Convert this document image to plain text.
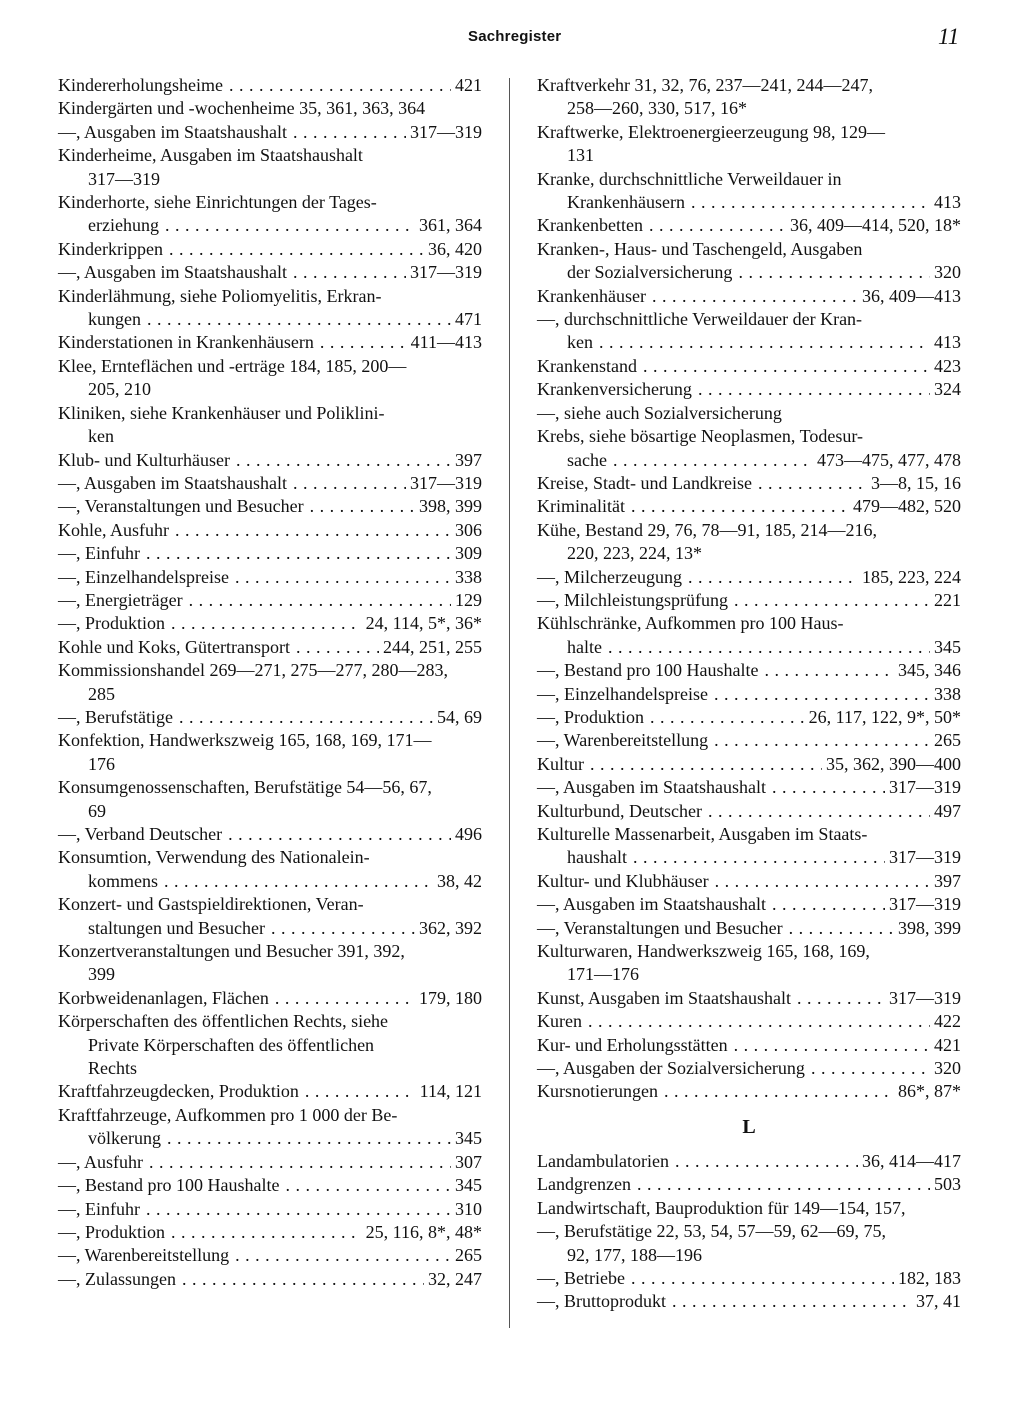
Sachregister	11
Kindererholungsheime . . .	421
Kindergärten und -wochenheime 35, 361, 363, 364
—, Ausgaben im Staatshaushalt . . .	317—319
Kinderheime, Ausgaben im Staatshaushalt
317—319
Kinderhorte, siehe Einrichtungen der Tages-
erziehung . . .	361, 364
Kinderkrippen . . .	36, 420
—, Ausgaben im Staatshaushalt . . .	317—319
Kinderlähmung, siehe Poliomyelitis, Erkran-
kungen . . .	471
Kinderstationen in Krankenhäusern . . .	411—413
Klee, Ernteflächen und -erträge 184, 185, 200—
205, 210
Kliniken, siehe Krankenhäuser und Poliklini-
ken
Klub- und Kulturhäuser . . .	397
—, Ausgaben im Staatshaushalt . . .	317—319
—, Veranstaltungen und Besucher . . .	398, 399
Kohle, Ausfuhr . . .	306
—, Einfuhr . . .	309
—, Einzelhandelspreise . . .	338
—, Energieträger . . .	129
—, Produktion . . .	24, 114, 5*, 36*
Kohle und Koks, Gütertransport . . .	244, 251, 255
Kommissionshandel 269—271, 275—277, 280—283,
285
—, Berufstätige . . .	54, 69
Konfektion, Handwerkszweig 165, 168, 169, 171—
176
Konsumgenossenschaften, Berufstätige 54—56, 67,
69
—, Verband Deutscher . . .	496
Konsumtion, Verwendung des Nationalein-
kommens . . .	38, 42
Konzert- und Gastspieldirektionen, Veran-
staltungen und Besucher . . .	362, 392
Konzertveranstaltungen und Besucher 391, 392,
399
Korbweidenanlagen, Flächen . . .	179, 180
Körperschaften des öffentlichen Rechts, siehe
Private Körperschaften des öffentlichen
Rechts
Kraftfahrzeugdecken, Produktion . . .	114, 121
Kraftfahrzeuge, Aufkommen pro 1 000 der Be-
völkerung . . .	345
—, Ausfuhr . . .	307
—, Bestand pro 100 Haushalte . . .	345
—, Einfuhr . . .	310
—, Produktion . . .	25, 116, 8*, 48*
—, Warenbereitstellung . . .	265
—, Zulassungen . . .	32, 247
Kraftverkehr 31, 32, 76, 237—241, 244—247,
258—260, 330, 517, 16*
Kraftwerke, Elektroenergieerzeugung 98, 129—
131
Kranke, durchschnittliche Verweildauer in
Krankenhäusern . . .	413
Krankenbetten . . .	36, 409—414, 520, 18*
Kranken-, Haus- und Taschengeld, Ausgaben
der Sozialversicherung . . .	320
Krankenhäuser . . .	36, 409—413
—, durchschnittliche Verweildauer der Kran-
ken . . .	413
Krankenstand . . .	423
Krankenversicherung . . .	324
—, siehe auch Sozialversicherung
Krebs, siehe bösartige Neoplasmen, Todesur-
sache . . .	473—475, 477, 478
Kreise, Stadt- und Landkreise . . .	3—8, 15, 16
Kriminalität . . .	479—482, 520
Kühe, Bestand 29, 76, 78—91, 185, 214—216,
220, 223, 224, 13*
—, Milcherzeugung . . .	185, 223, 224
—, Milchleistungsprüfung . . .	221
Kühlschränke, Aufkommen pro 100 Haus-
halte . . .	345
—, Bestand pro 100 Haushalte . . .	345, 346
—, Einzelhandelspreise . . .	338
—, Produktion . . .	26, 117, 122, 9*, 50*
—, Warenbereitstellung . . .	265
Kultur . . .	35, 362, 390—400
—, Ausgaben im Staatshaushalt . . .	317—319
Kulturbund, Deutscher . . .	497
Kulturelle Massenarbeit, Ausgaben im Staats-
haushalt . . .	317—319
Kultur- und Klubhäuser . . .	397
—, Ausgaben im Staatshaushalt . . .	317—319
—, Veranstaltungen und Besucher . . .	398, 399
Kulturwaren, Handwerkszweig 165, 168, 169,
171—176
Kunst, Ausgaben im Staatshaushalt . . .	317—319
Kuren . . .	422
Kur- und Erholungsstätten . . .	421
—, Ausgaben der Sozialversicherung . . .	320
Kursnotierungen . . .	86*, 87*
L
Landambulatorien . . .	36, 414—417
Landgrenzen . . .	503
Landwirtschaft, Bauproduktion für 149—154, 157,
—, Berufstätige 22, 53, 54, 57—59, 62—69, 75,
92, 177, 188—196
—, Betriebe . . .	182, 183
—, Bruttoprodukt . . .	37, 41
